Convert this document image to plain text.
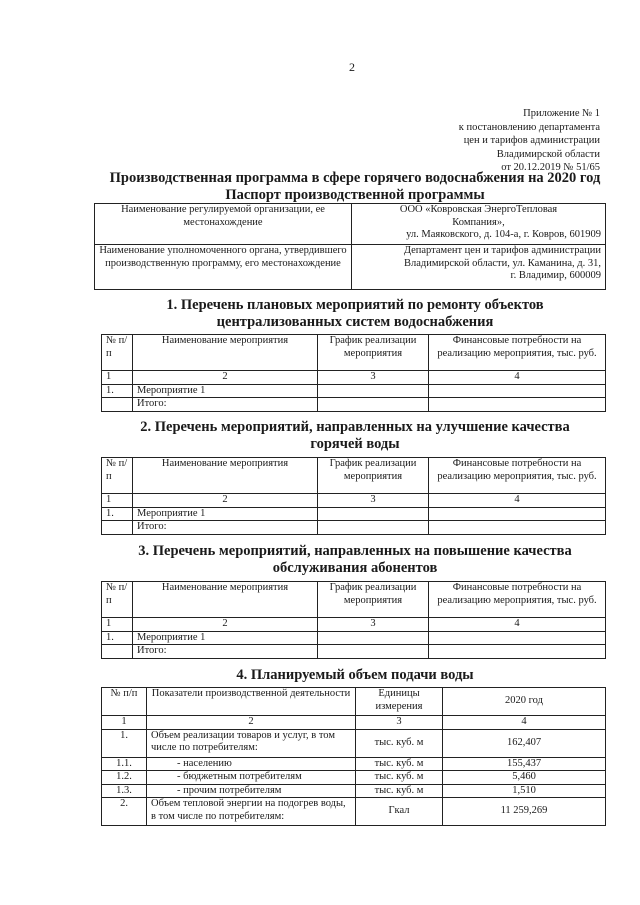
2
Приложение № 1
к постановлению департамента
цен и тарифов администрации
Владимирской области
от 20.12.2019 № 51/65
Производственная программа в сфере горячего водоснабжения на 2020 год
Паспорт производственной программы
Наименование регулируемой организации, ее местонахождение	ООО «Ковровская ЭнергоТепловая
Компания»,
ул. Маяковского, д. 104-а, г. Ковров, 601909

Наименование уполномоченного органа, утвердившего производственную программу, его местонахождение	Департамент цен и тарифов администрации
Владимирской области, ул. Каманина, д. 31,
г. Владимир, 600009
1. Перечень плановых мероприятий по ремонту объектов
централизованных систем водоснабжения
№ п/п	Наименование мероприятия	График реализации мероприятия	Финансовые потребности на реализацию мероприятия, тыс. руб.
1	2	3	4
1.	Мероприятие 1		
	Итого:		
2. Перечень мероприятий, направленных на улучшение качества
горячей воды
№ п/п	Наименование мероприятия	График реализации мероприятия	Финансовые потребности на реализацию мероприятия, тыс. руб.
1	2	3	4
1.	Мероприятие 1		
	Итого:		
3. Перечень мероприятий, направленных на повышение качества
обслуживания абонентов
№ п/п	Наименование мероприятия	График реализации мероприятия	Финансовые потребности на реализацию мероприятия, тыс. руб.
1	2	3	4
1.	Мероприятие 1		
	Итого:		
4. Планируемый объем подачи воды
№ п/п	Показатели производственной деятельности	Единицы измерения	2020 год
1	2	3	4
1.	Объем реализации товаров и услуг, в том числе по потребителям:	тыс. куб. м	162,407
1.1.	- населению	тыс. куб. м	155,437
1.2.	- бюджетным потребителям	тыс. куб. м	5,460
1.3.	- прочим потребителям	тыс. куб. м	1,510
2.	Объем тепловой энергии на подогрев воды, в том числе по потребителям:	Гкал	11 259,269
